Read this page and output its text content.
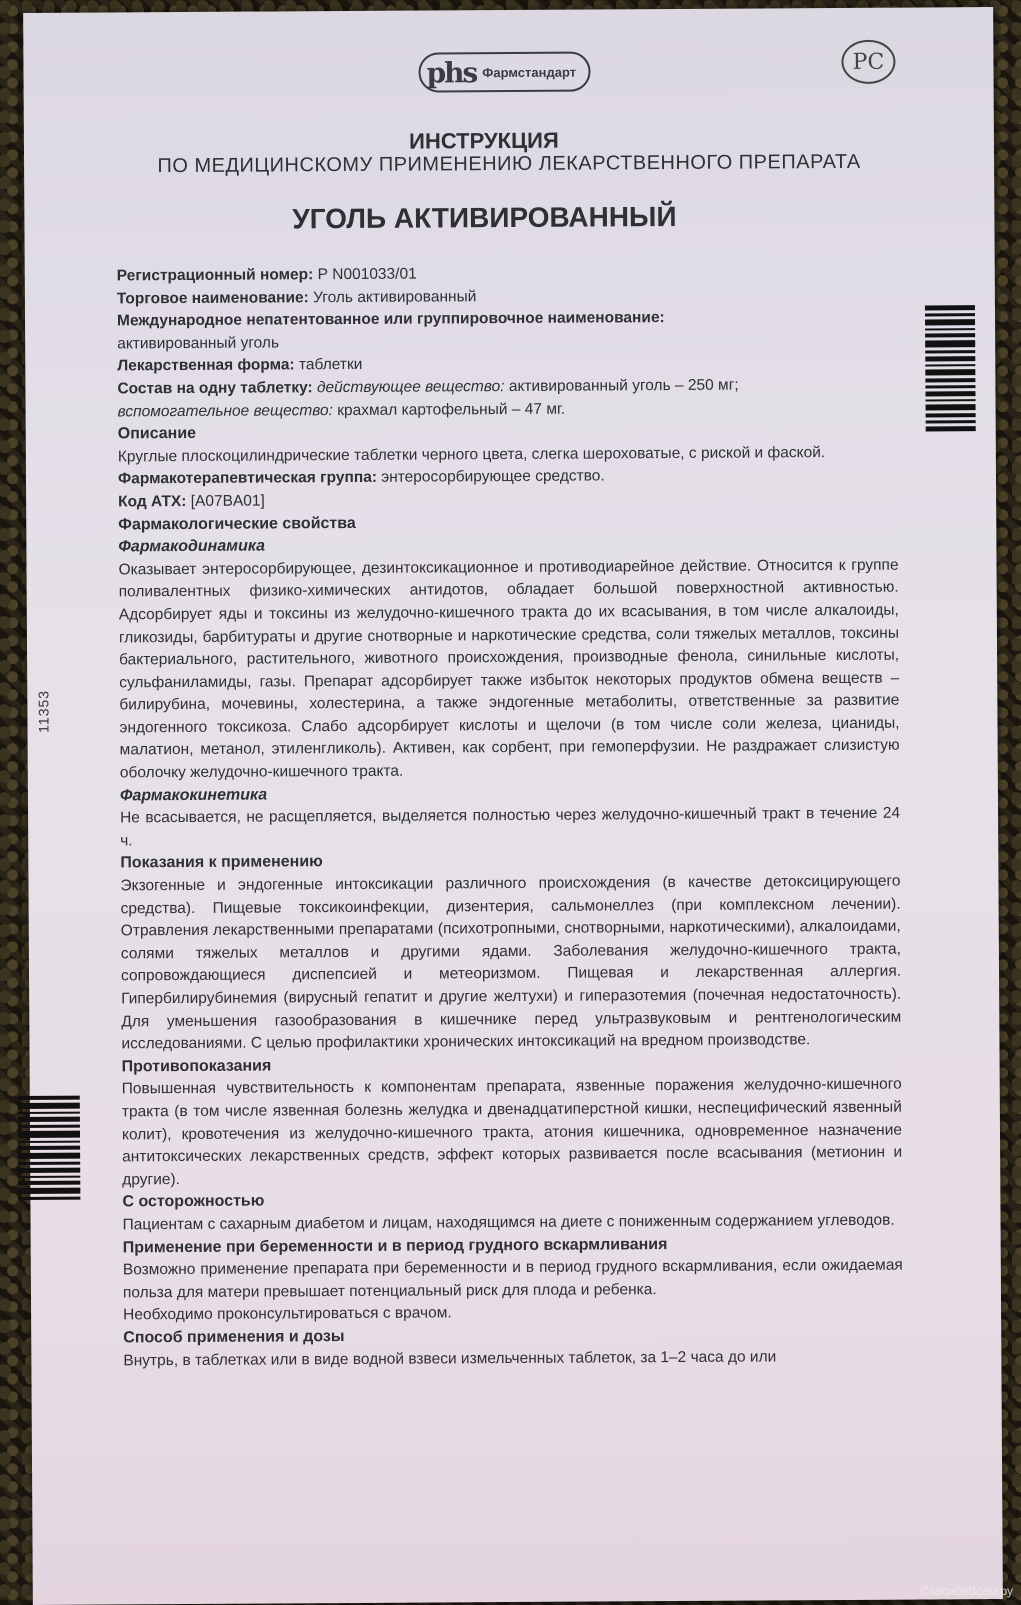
phs Фармстандарт	РС
ИНСТРУКЦИЯ
ПО МЕДИЦИНСКОМУ ПРИМЕНЕНИЮ ЛЕКАРСТВЕННОГО ПРЕПАРАТА
УГОЛЬ АКТИВИРОВАННЫЙ
11353

Регистрационный номер: Р N001033/01

Торговое наименование: Уголь активированный

Международное непатентованное или группировочное наименование:

активированный уголь

Лекарственная форма: таблетки

Состав на одну таблетку: действующее вещество: активированный уголь – 250 мг;
вспомогательное вещество: крахмал картофельный – 47 мг.

Описание

Круглые плоскоцилиндрические таблетки черного цвета, слегка шероховатые, с риской и фаской.

Фармакотерапевтическая группа: энтеросорбирующее средство.

Код АТХ: [A07BA01]

Фармакологические свойства

Фармакодинамика

Оказывает энтеросорбирующее, дезинтоксикационное и противодиарейное действие. Относится к группе поливалентных физико-химических антидотов, обладает большой поверхностной активностью. Адсорбирует яды и токсины из желудочно-кишечного тракта до их всасывания, в том числе алкалоиды, гликозиды, барбитураты и другие снотворные и наркотические средства, соли тяжелых металлов, токсины бактериального, растительного, животного происхождения, производные фенола, синильные кислоты, сульфаниламиды, газы. Препарат адсорбирует также избыток некоторых продуктов обмена веществ – билирубина, мочевины, холестерина, а также эндогенные метаболиты, ответственные за развитие эндогенного токсикоза. Слабо адсорбирует кислоты и щелочи (в том числе соли железа, цианиды, малатион, метанол, этиленгликоль). Активен, как сорбент, при гемоперфузии. Не раздражает слизистую оболочку желудочно-кишечного тракта.

Фармакокинетика

Не всасывается, не расщепляется, выделяется полностью через желудочно-кишечный тракт в течение 24 ч.

Показания к применению

Экзогенные и эндогенные интоксикации различного происхождения (в качестве детоксицирующего средства). Пищевые токсикоинфекции, дизентерия, сальмонеллез (при комплексном лечении). Отравления лекарственными препаратами (психотропными, снотворными, наркотическими), алкалоидами, солями тяжелых металлов и другими ядами. Заболевания желудочно-кишечного тракта, сопровождающиеся диспепсией и метеоризмом. Пищевая и лекарственная аллергия. Гипербилирубинемия (вирусный гепатит и другие желтухи) и гиперазотемия (почечная недостаточность). Для уменьшения газообразования в кишечнике перед ультразвуковым и рентгенологическим исследованиями. С целью профилактики хронических интоксикаций на вредном производстве.

Противопоказания

Повышенная чувствительность к компонентам препарата, язвенные поражения желудочно-кишечного тракта (в том числе язвенная болезнь желудка и двенадцатиперстной кишки, неспецифический язвенный колит), кровотечения из желудочно-кишечного тракта, атония кишечника, одновременное назначение антитоксических лекарственных средств, эффект которых развивается после всасывания (метионин и другие).

С осторожностью

Пациентам с сахарным диабетом и лицам, находящимся на диете с пониженным содержанием углеводов.

Применение при беременности и в период грудного вскармливания

Возможно применение препарата при беременности и в период грудного вскармливания, если ожидаемая польза для матери превышает потенциальный риск для плода и ребенка.

Необходимо проконсультироваться с врачом.

Способ применения и дозы

Внутрь, в таблетках или в виде водной взвеси измельченных таблеток, за 1–2 часа до или

СпасибоВсем.ру
